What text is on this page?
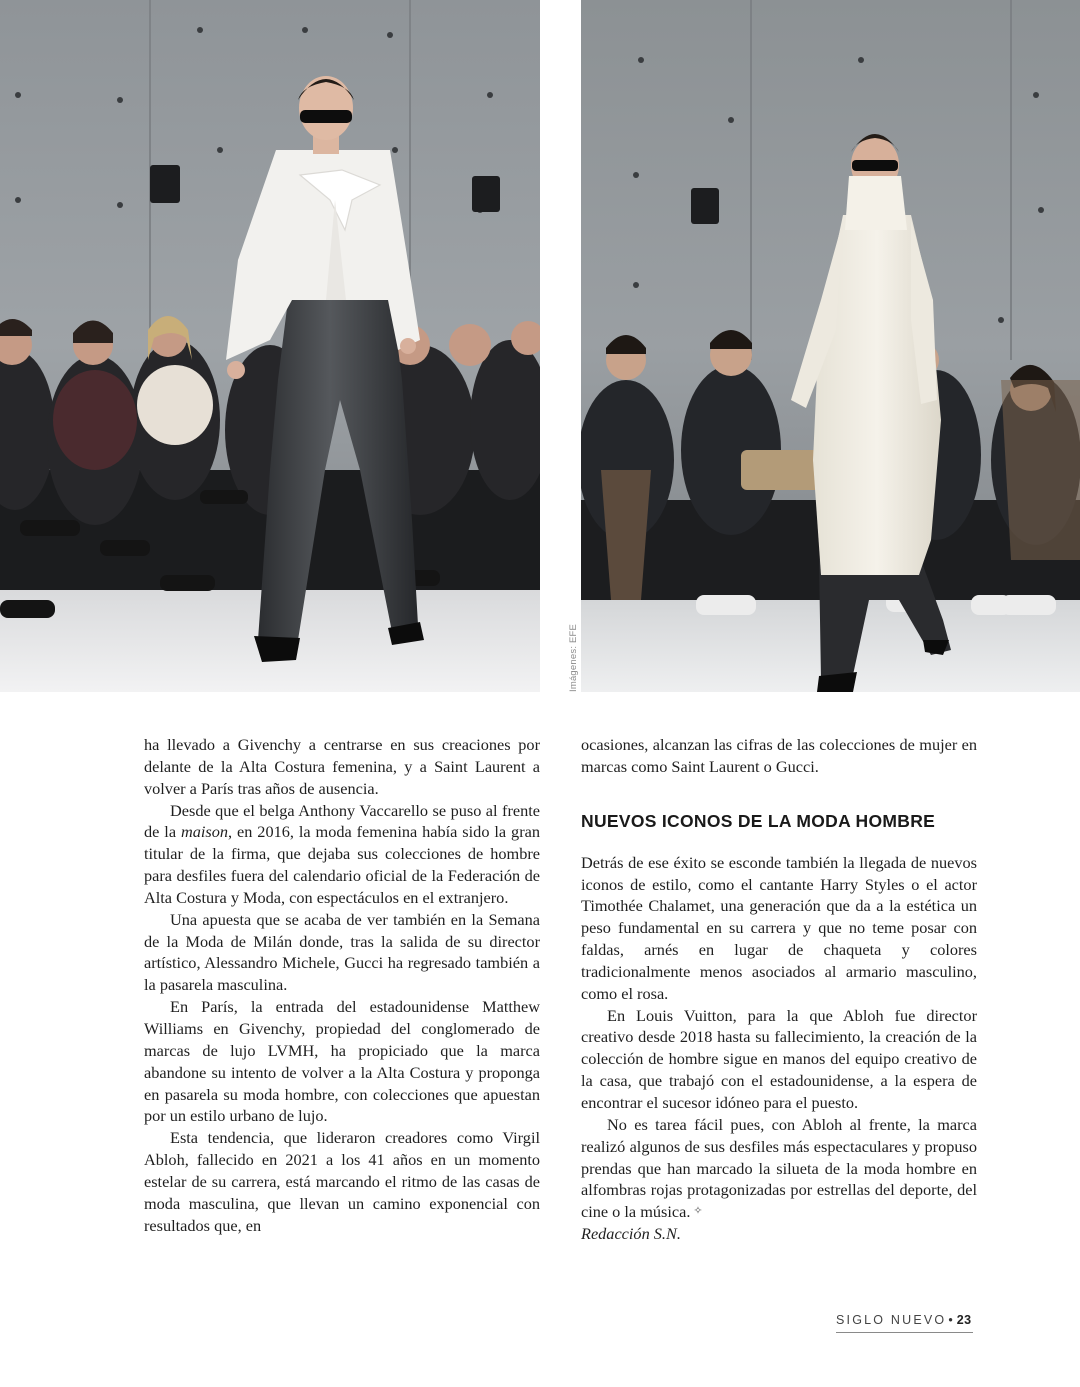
Imágenes: EFE

ha llevado a Givenchy a centrarse en sus creaciones por delante de la Alta Costura femenina, y a Saint Laurent a volver a París tras años de ausencia.

Desde que el belga Anthony Vaccarello se puso al frente de la maison, en 2016, la moda femenina había sido la gran titular de la firma, que dejaba sus colecciones de hombre para desfiles fuera del calendario oficial de la Federación de Alta Costura y Moda, con espectáculos en el extranjero.

Una apuesta que se acaba de ver también en la Semana de la Moda de Milán donde, tras la salida de su director artístico, Alessandro Michele, Gucci ha regresado también a la pasarela masculina.

En París, la entrada del estadounidense Matthew Williams en Givenchy, propiedad del conglomerado de marcas de lujo LVMH, ha propiciado que la marca abandone su intento de volver a la Alta Costura y proponga en pasarela su moda hombre, con colecciones que apuestan por un estilo urbano de lujo.

Esta tendencia, que lideraron creadores como Virgil Abloh, fallecido en 2021 a los 41 años en un momento estelar de su carrera, está marcando el ritmo de las casas de moda masculina, que llevan un camino exponencial con resultados que, en

ocasiones, alcanzan las cifras de las colecciones de mujer en marcas como Saint Laurent o Gucci.

NUEVOS ICONOS DE LA MODA HOMBRE

Detrás de ese éxito se esconde también la llegada de nuevos iconos de estilo, como el cantante Harry Styles o el actor Timothée Chalamet, una generación que da a la estética un peso fundamental en su carrera y que no teme posar con faldas, arnés en lugar de chaqueta y colores tradicionalmente menos asociados al armario masculino, como el rosa.

En Louis Vuitton, para la que Abloh fue director creativo desde 2018 hasta su fallecimiento, la creación de la colección de hombre sigue en manos del equipo creativo de la casa, que trabajó con el estadounidense, a la espera de encontrar el sucesor idóneo para el puesto.

No es tarea fácil pues, con Abloh al frente, la marca realizó algunos de sus desfiles más espectaculares y propuso prendas que han marcado la silueta de la moda hombre en alfombras rojas protagonizadas por estrellas del deporte, del cine o la música. ✧

Redacción S.N.

SIGLO NUEVO • 23
